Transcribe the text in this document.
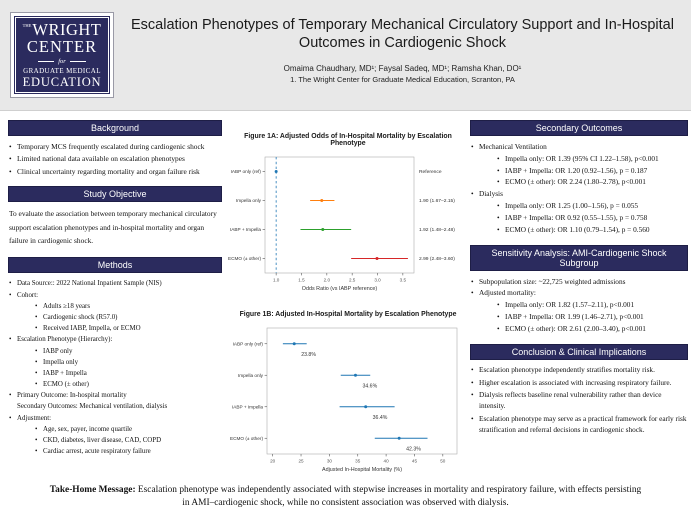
THE WRIGHT
CENTER
for
GRADUATE MEDICAL
EDUCATION
Escalation Phenotypes of Temporary Mechanical Circulatory Support and In-Hospital Outcomes in Cardiogenic Shock
Omaima Chaudhary, MD¹; Faysal Sadeq, MD¹; Ramsha Khan, DO¹
1. The Wright Center for Graduate Medical Education, Scranton, PA
Background
• Temporary MCS frequently escalated during cardiogenic shock
• Limited national data available on escalation phenotypes
• Clinical uncertainty regarding mortality and organ failure risk
Study Objective
To evaluate the association between temporary mechanical circulatory support escalation phenotypes and in-hospital mortality and organ failure in cardiogenic shock.
Methods
• Data Source:: 2022 National Inpatient Sample (NIS)
• Cohort:
• Adults ≥18 years
• Cardiogenic shock (R57.0)
• Received IABP, Impella, or ECMO
• Escalation Phenotype (Hierarchy):
• IABP only
• Impella only
• IABP + Impella
• ECMO (± other)
• Primary Outcome: In-hospital mortality
Secondary Outcomes: Mechanical ventilation, dialysis
• Adjustment:
• Age, sex, payer, income quartile
• CKD, diabetes, liver disease, CAD, COPD
• Cardiac arrest, acute respiratory failure
Figure 1A: Adjusted Odds of In-Hospital Mortality by Escalation Phenotype
1.0	1.5	2.0	2.5	3.0	3.5
Odds Ratio (vs IABP reference)
IABP only (ref)	Reference
Impella only	1.90 (1.67–2.15)
IABP + Impella	1.92 (1.48–2.48)
ECMO (± other)	2.99 (2.48–3.60)
Figure 1B: Adjusted In-Hospital Mortality by Escalation Phenotype
20	25	30	35	40	45	50
Adjusted In-Hospital Mortality (%)
IABP only (ref)
23.8%
Impella only
34.6%
IABP + Impella
36.4%
ECMO (± other)
42.3%
Secondary Outcomes
• Mechanical Ventilation
• Impella only: OR 1.39 (95% CI 1.22–1.58), p<0.001
• IABP + Impella: OR 1.20 (0.92–1.56), p = 0.187
• ECMO (± other): OR 2.24 (1.80–2.78), p<0.001
• Dialysis
• Impella only: OR 1.25 (1.00–1.56), p = 0.055
• IABP + Impella: OR 0.92 (0.55–1.55), p = 0.758
• ECMO (± other): OR 1.10 (0.79–1.54), p = 0.560
Sensitivity Analysis: AMI-Cardiogenic Shock Subgroup
• Subpopulation size: ~22,725 weighted admissions
• Adjusted mortality:
• Impella only: OR 1.82 (1.57–2.11), p<0.001
• IABP + Impella: OR 1.99 (1.46–2.71), p<0.001
• ECMO (± other): OR 2.61 (2.00–3.40), p<0.001
Conclusion & Clinical Implications
• Escalation phenotype independently stratifies mortality risk.
• Higher escalation is associated with increasing respiratory failure.
• Dialysis reflects baseline renal vulnerability rather than device intensity.
• Escalation phenotype may serve as a practical framework for early risk stratification and referral decisions in cardiogenic shock.
Take-Home Message: Escalation phenotype was independently associated with stepwise increases in mortality and respiratory failure, with effects persisting in AMI–cardiogenic shock, while no consistent association was observed with dialysis.
